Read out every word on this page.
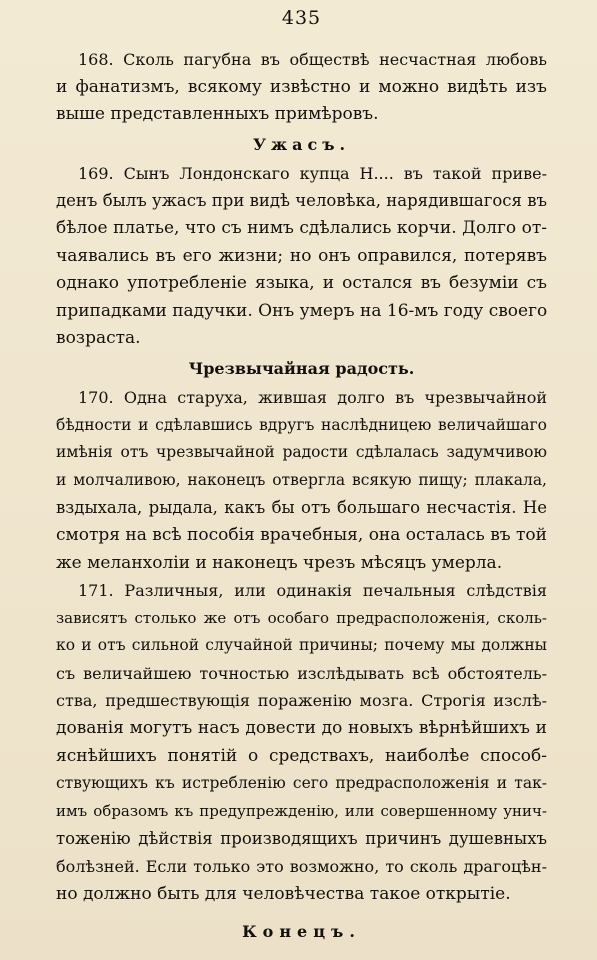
435

168. Сколь пагубна въ обществѣ несчастная любовь
и фанатизмъ, всякому извѣстно и можно видѣть изъ
выше представленныхъ примѣровъ.

Ужасъ.

169. Сынъ Лондонскаго купца Н.... въ такой приве-
денъ былъ ужасъ при видѣ человѣка, нарядившагося въ
бѣлое платье, что съ нимъ сдѣлались корчи. Долго от-
чаявались въ его жизни; но онъ оправился, потерявъ
однако употребленіе языка, и остался въ безуміи съ
припадками падучки. Онъ умеръ на 16-мъ году своего
возраста.

Чрезвычайная радость.

170. Одна старуха, жившая долго въ чрезвычайной
бѣдности и сдѣлавшись вдругъ наслѣдницею величайшаго
имѣнія отъ чрезвычайной радости сдѣлалась задумчивою
и молчаливою, наконецъ отвергла всякую пищу; плакала,
вздыхала, рыдала, какъ бы отъ большаго несчастія. Не
смотря на всѣ пособія врачебныя, она осталась въ той
же меланхоліи и наконецъ чрезъ мѣсяцъ умерла.

171. Различныя, или одинакія печальныя слѣдствія
зависятъ столько же отъ особаго предрасположенія, сколь-
ко и отъ сильной случайной причины; почему мы должны
съ величайшею точностью изслѣдывать всѣ обстоятель-
ства, предшествующія пораженію мозга. Строгія изслѣ-
дованія могутъ насъ довести до новыхъ вѣрнѣйшихъ и
яснѣйшихъ понятій о средствахъ, наиболѣе способ-
ствующихъ къ истребленію сего предрасположенія и так-
имъ образомъ къ предупрежденію, или совершенному унич-
тоженію дѣйствія производящихъ причинъ душевныхъ
болѣзней. Если только это возможно, то сколь драгоцѣн-
но должно быть для человѣчества такое открытіе.

Конецъ.
